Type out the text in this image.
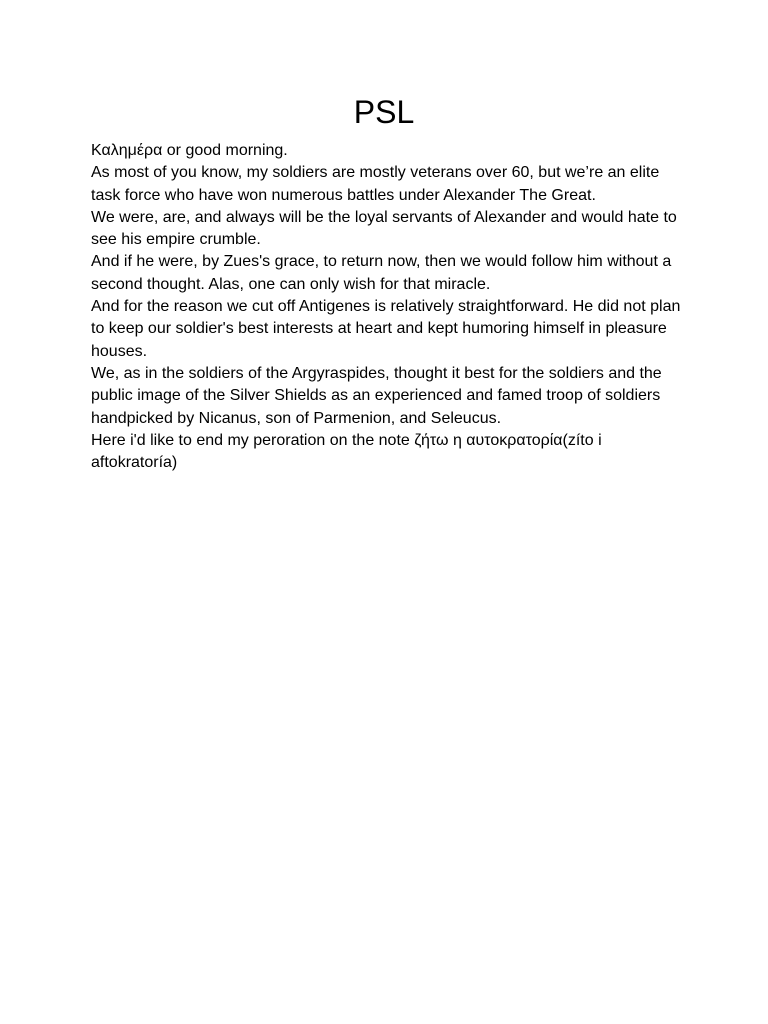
PSL

Καλημέρα or good morning.

As most of you know, my soldiers are mostly veterans over 60, but we’re an elite task force who have won numerous battles under Alexander The Great.

We were, are, and always will be the loyal servants of Alexander and would hate to see his empire crumble.

And if he were, by Zues's grace, to return now, then we would follow him without a second thought. Alas, one can only wish for that miracle.

And for the reason we cut off Antigenes is relatively straightforward. He did not plan to keep our soldier's best interests at heart and kept humoring himself in pleasure houses.

We, as in the soldiers of the Argyraspides, thought it best for the soldiers and the public image of the Silver Shields as an experienced and famed troop of soldiers handpicked by Nicanus, son of Parmenion, and Seleucus.

Here i'd like to end my peroration on the note ζήτω η αυτοκρατορία(zíto i aftokratoría)
